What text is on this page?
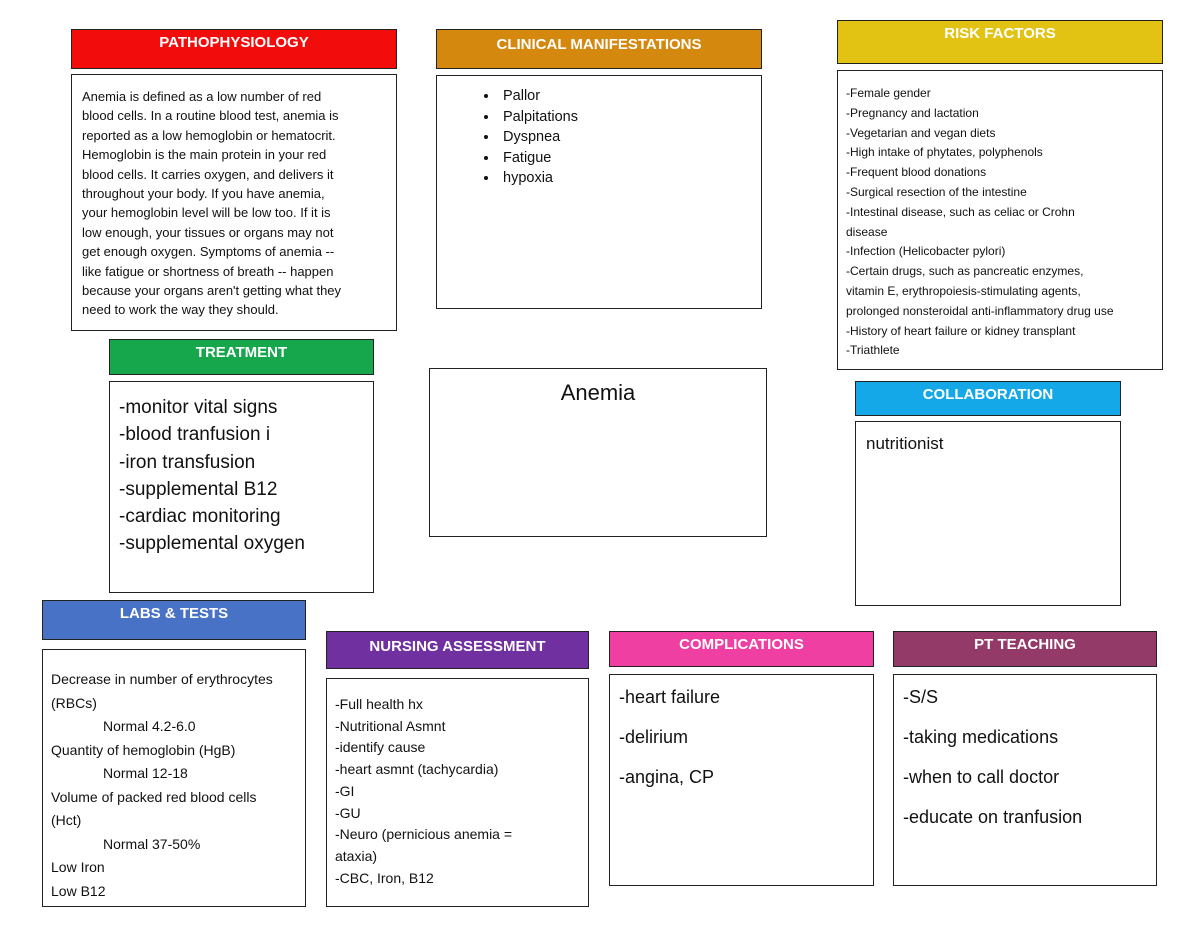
PATHOPHYSIOLOGY
Anemia is defined as a low number of red
blood cells. In a routine blood test, anemia is
reported as a low hemoglobin or hematocrit.
Hemoglobin is the main protein in your red
blood cells. It carries oxygen, and delivers it
throughout your body. If you have anemia,
your hemoglobin level will be low too. If it is
low enough, your tissues or organs may not
get enough oxygen. Symptoms of anemia --
like fatigue or shortness of breath -- happen
because your organs aren't getting what they
need to work the way they should.
CLINICAL MANIFESTATIONS
• Pallor
• Palpitations
• Dyspnea
• Fatigue
• hypoxia
RISK FACTORS
-Female gender
-Pregnancy and lactation
-Vegetarian and vegan diets
-High intake of phytates, polyphenols
-Frequent blood donations
-Surgical resection of the intestine
-Intestinal disease, such as celiac or Crohn
disease
-Infection (Helicobacter pylori)
-Certain drugs, such as pancreatic enzymes,
vitamin E, erythropoiesis-stimulating agents,
prolonged nonsteroidal anti-inflammatory drug use
-History of heart failure or kidney transplant
-Triathlete
TREATMENT
-monitor vital signs
-blood tranfusion i
-iron transfusion
-supplemental B12
-cardiac monitoring
-supplemental oxygen
Anemia	COLLABORATION
nutritionist
LABS & TESTS
Decrease in number of erythrocytes
(RBCs)
Normal 4.2-6.0
Quantity of hemoglobin (HgB)
Normal 12-18
Volume of packed red blood cells
(Hct)
Normal 37-50%
Low Iron
Low B12
NURSING ASSESSMENT
-Full health hx
-Nutritional Asmnt
-identify cause
-heart asmnt (tachycardia)
-GI
-GU
-Neuro (pernicious anemia =
ataxia)
-CBC, Iron, B12
COMPLICATIONS
-heart failure
-delirium
-angina, CP
PT TEACHING
-S/S
-taking medications
-when to call doctor
-educate on tranfusion
